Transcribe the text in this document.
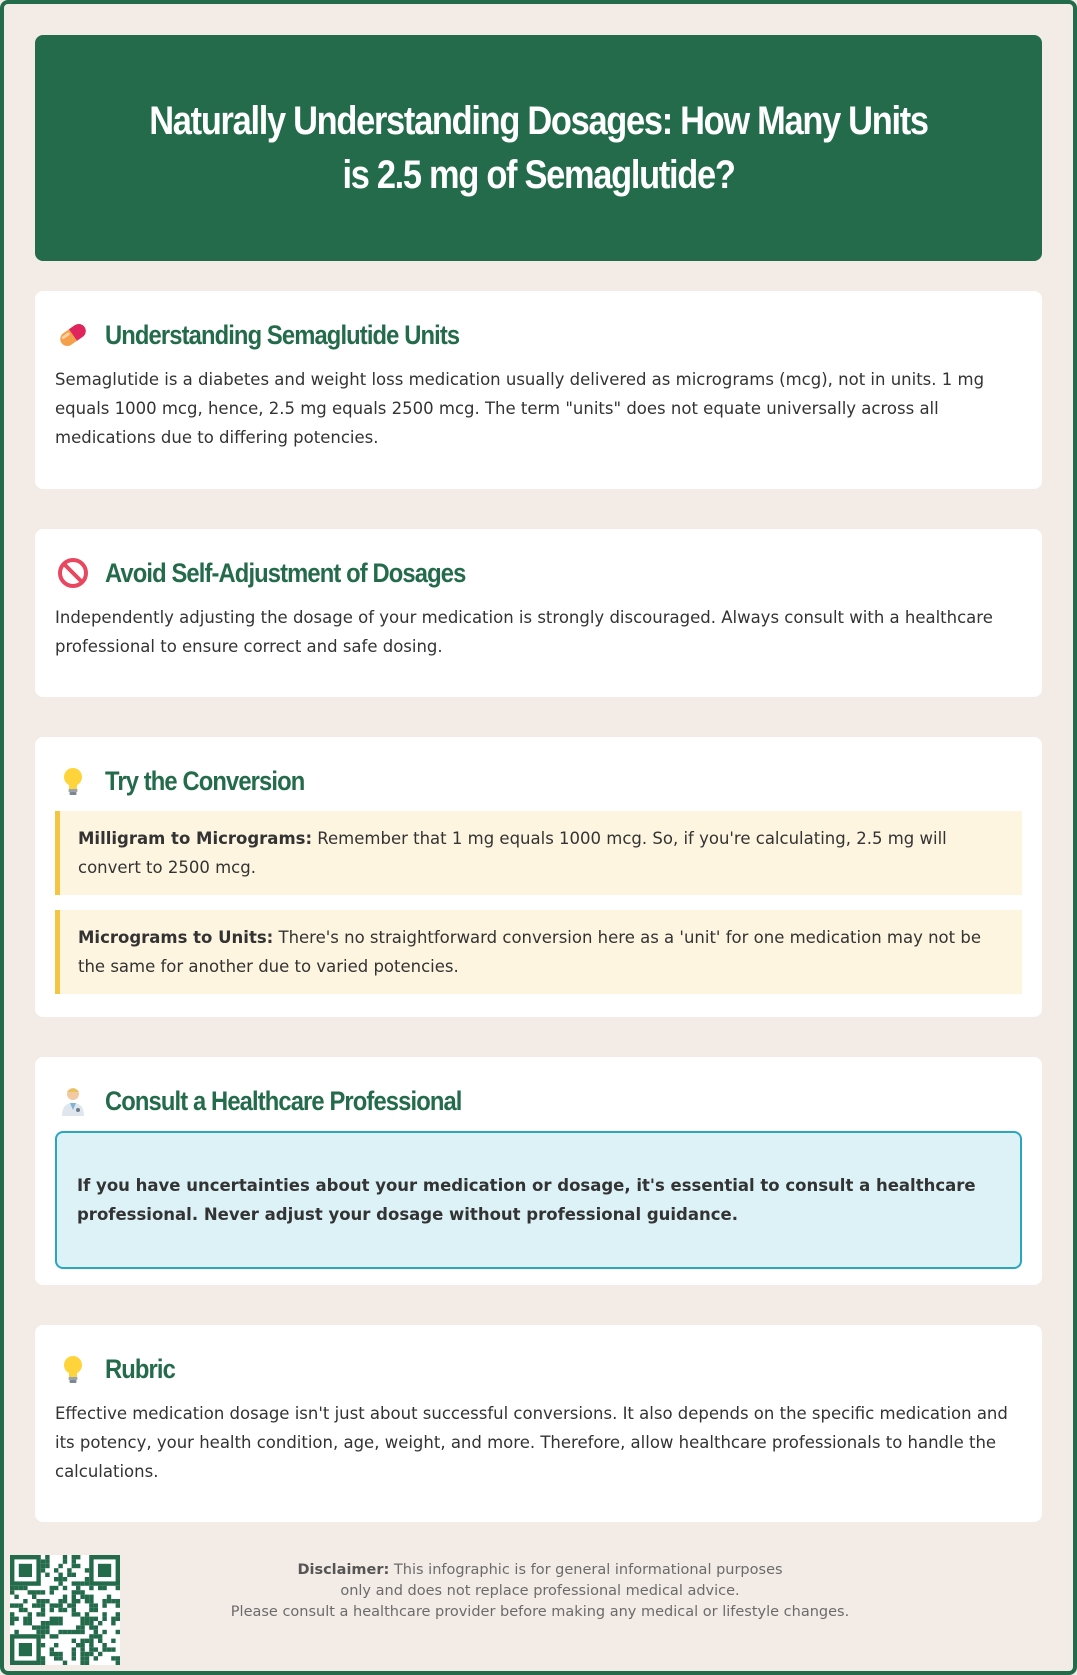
Naturally Understanding Dosages: How Many Units is 2.5 mg of Semaglutide?
Understanding Semaglutide Units

Semaglutide is a diabetes and weight loss medication usually delivered as micrograms (mcg), not in units. 1 mg equals 1000 mcg, hence, 2.5 mg equals 2500 mcg. The term "units" does not equate universally across all medications due to differing potencies.

Avoid Self-Adjustment of Dosages

Independently adjusting the dosage of your medication is strongly discouraged. Always consult with a healthcare professional to ensure correct and safe dosing.

Try the Conversion
Milligram to Micrograms: Remember that 1 mg equals 1000 mcg. So, if you're calculating, 2.5 mg will convert to 2500 mcg.
Micrograms to Units: There's no straightforward conversion here as a 'unit' for one medication may not be the same for another due to varied potencies.
Consult a Healthcare Professional
If you have uncertainties about your medication or dosage, it's essential to consult a healthcare professional. Never adjust your dosage without professional guidance.
Rubric

Effective medication dosage isn't just about successful conversions. It also depends on the specific medication and its potency, your health condition, age, weight, and more. Therefore, allow healthcare professionals to handle the calculations.

Disclaimer: This infographic is for general informational purposes
only and does not replace professional medical advice.
Please consult a healthcare provider before making any medical or lifestyle changes.
